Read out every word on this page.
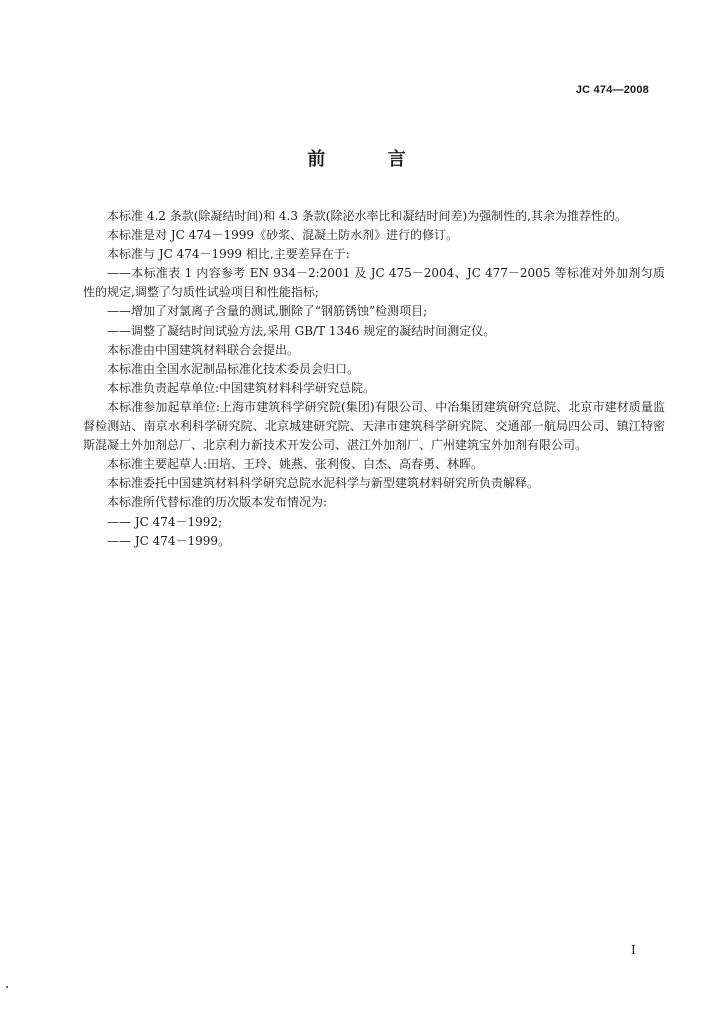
JC 474—2008
前 言

本标准 4.2 条款(除凝结时间)和 4.3 条款(除泌水率比和凝结时间差)为强制性的,其余为推荐性的。

本标准是对 JC 474－1999《砂浆、混凝土防水剂》进行的修订。

本标准与 JC 474－1999 相比,主要差异在于:

——本标准表 1 内容参考 EN 934－2:2001 及 JC 475－2004、JC 477－2005 等标准对外加剂匀质性的规定,调整了匀质性试验项目和性能指标;

——增加了对氯离子含量的测试,删除了“钢筋锈蚀”检测项目;

——调整了凝结时间试验方法,采用 GB/T 1346 规定的凝结时间测定仪。

本标准由中国建筑材料联合会提出。

本标准由全国水泥制品标准化技术委员会归口。

本标准负责起草单位:中国建筑材料科学研究总院。

本标准参加起草单位:上海市建筑科学研究院(集团)有限公司、中冶集团建筑研究总院、北京市建材质量监督检测站、南京水利科学研究院、北京城建研究院、天津市建筑科学研究院、交通部一航局四公司、镇江特密斯混凝土外加剂总厂、北京利力新技术开发公司、湛江外加剂厂、广州建筑宝外加剂有限公司。

本标准主要起草人:田培、王玲、姚燕、张利俊、白杰、高春勇、林晖。

本标准委托中国建筑材料科学研究总院水泥科学与新型建筑材料研究所负责解释。

本标准所代替标准的历次版本发布情况为:

—— JC 474－1992;

—— JC 474－1999。

I
